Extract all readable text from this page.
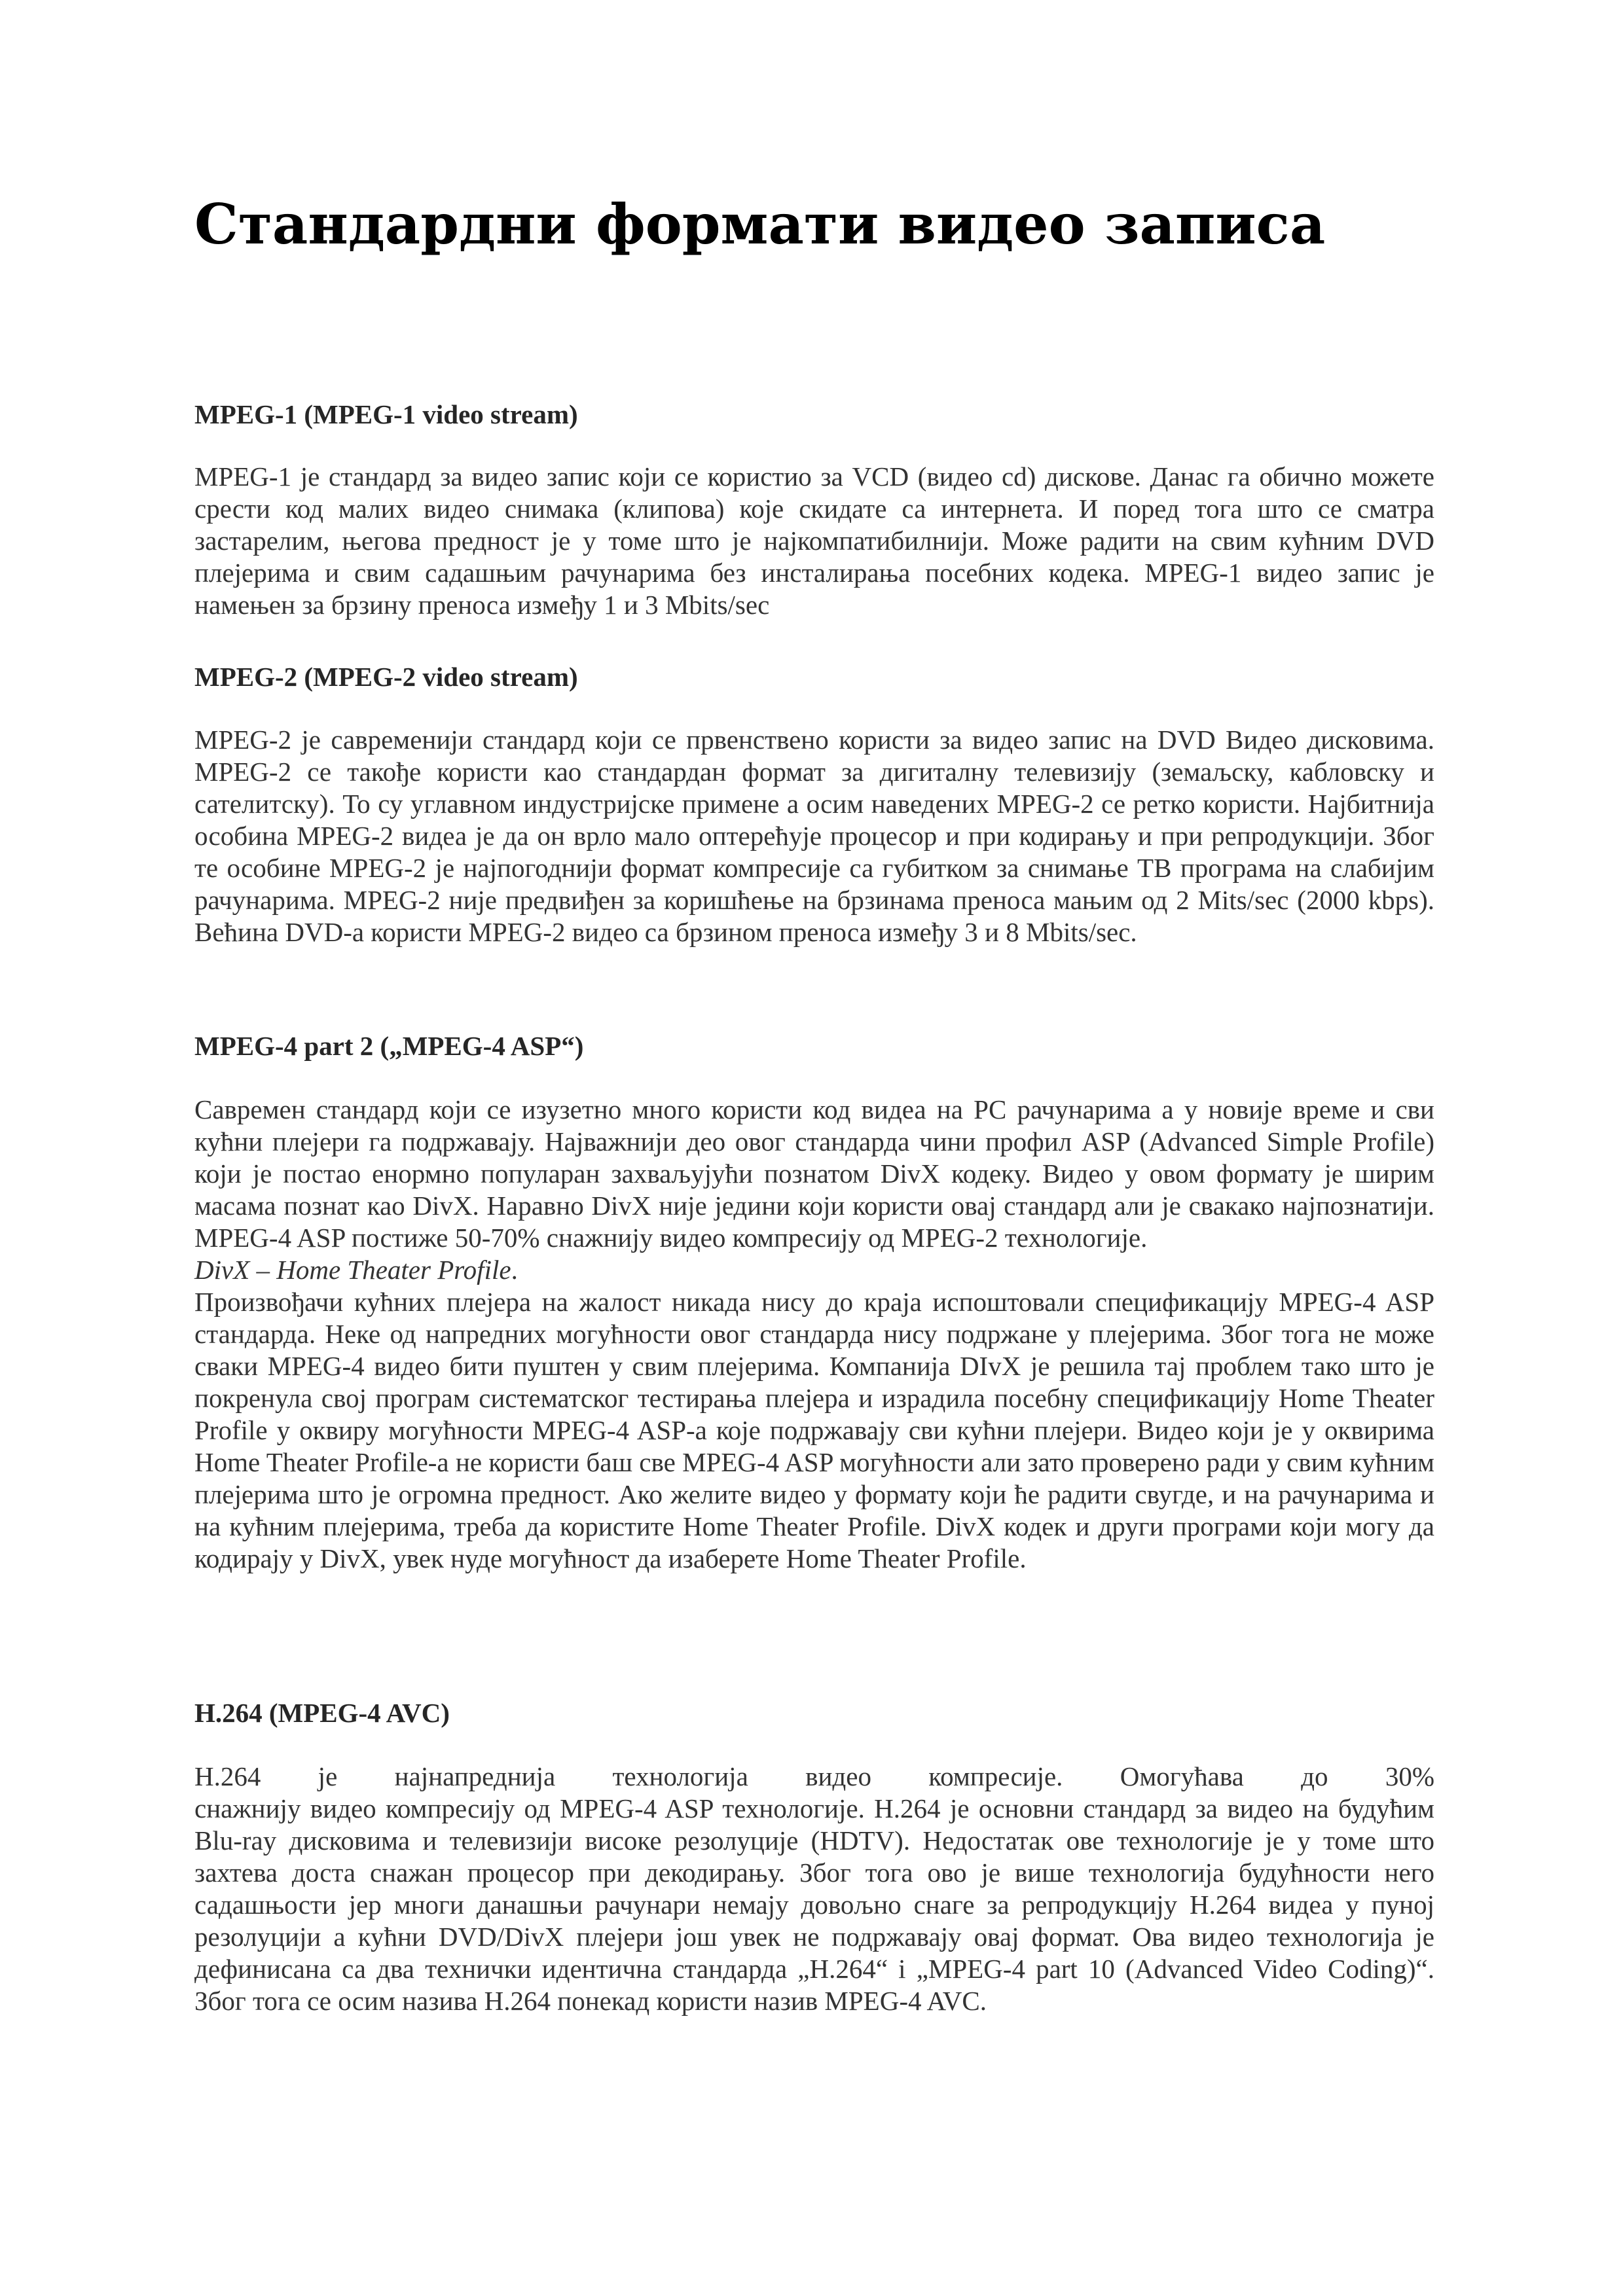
Стандардни формати видео записа
MPEG-1 (MPEG-1 video stream)

MPEG-1 је стандард за видео запис који се користио за VCD (видео cd) дискове. Данас га обично можете срести код малих видео снимака (клипова) које скидате са интернета. И поред тога што се сматра застарелим, његова предност је у томе што је најкомпатибилнији. Може радити на свим кућним DVD плејерима и свим садашњим рачунарима без инсталирања посебних кодека. MPEG-1 видео запис је намењен за брзину преноса између 1 и 3 Mbits/sec

MPEG-2 (MPEG-2 video stream)

MPEG-2 је савременији стандард који се првенствено користи за видео запис на DVD Видео дисковима. MPEG-2 се такође користи као стандардан формат за дигиталну телевизију (земаљску, кабловску и сателитску). То су углавном индустријске примене а осим наведених MPEG-2 се ретко користи. Најбитнија особина MPEG-2 видеа је да он врло мало оптерећује процесор и при кодирању и при репродукцији. Због те особине MPEG-2 је најпогоднији формат компресије са губитком за снимање ТВ програма на слабијим рачунарима. MPEG-2 није предвиђен за коришћење на брзинама преноса мањим од 2 Mits/sec (2000 kbps). Већина DVD-а користи MPEG-2 видео са брзином преноса између 3 и 8 Mbits/sec.

MPEG-4 part 2 („MPEG-4 ASP“)
Савремен стандард који се изузетно много користи код видеа на PC рачунарима а у новије време и сви кућни плејери га подржавају. Најважнији део овог стандарда чини профил ASP (Advanced Simple Profile) који је постао енормно популаран захваљујући познатом DivX кодеку. Видео у овом формату је ширим масама познат као DivX. Наравно DivX није једини који користи овај стандард али је свакако најпознатији. MPEG-4 ASP постиже 50-70% снажнију видео компресију од MPEG-2 технологије.
DivX – Home Theater Profile.
Произвођачи кућних плејера на жалост никада нису до краја испоштовали спецификацију MPEG-4 ASP стандарда. Неке од напредних могућности овог стандарда нису подржане у плејерима. Због тога не може сваки MPEG-4 видео бити пуштен у свим плејерима. Компанија DIvX је решила тај проблем тако што је покренула свој програм систематског тестирања плејера и израдила посебну спецификацију Home Theater Profile у оквиру могућности MPEG-4 ASP-а које подржавају сви кућни плејери. Видео који је у оквирима Home Theater Profile-а не користи баш све MPEG-4 ASP могућности али зато проверено ради у свим кућним плејерима што је огромна предност. Ако желите видео у формату који ће радити свугде, и на рачунарима и на кућним плејерима, треба да користите Home Theater Profile. DivX кодек и други програми који могу да кодирају у DivX, увек нуде могућност да изаберете Home Theater Profile.
H.264 (MPEG-4 AVC)
H.264 је најнапреднија технологија видео компресије. Омогућава до 30%
снажнију видео компресију од MPEG-4 ASP технологије. H.264 је основни стандард за видео на будућим Blu-ray дисковима и телевизији високе резолуције (HDTV). Недостатак ове технологије је у томе што захтева доста снажан процесор при декодирању. Због тога ово је више технологија будућности него садашњости јер многи данашњи рачунари немају довољно снаге за репродукцију H.264 видеа у пуној резолуцији а кућни DVD/DivX плејери још увек не подржавају овај формат. Ова видео технологија је дефинисана са два технички идентична стандарда „H.264“ і „MPEG-4 part 10 (Advanced Video Coding)“. Због тога се осим назива H.264 понекад користи назив MPEG-4 AVC.
